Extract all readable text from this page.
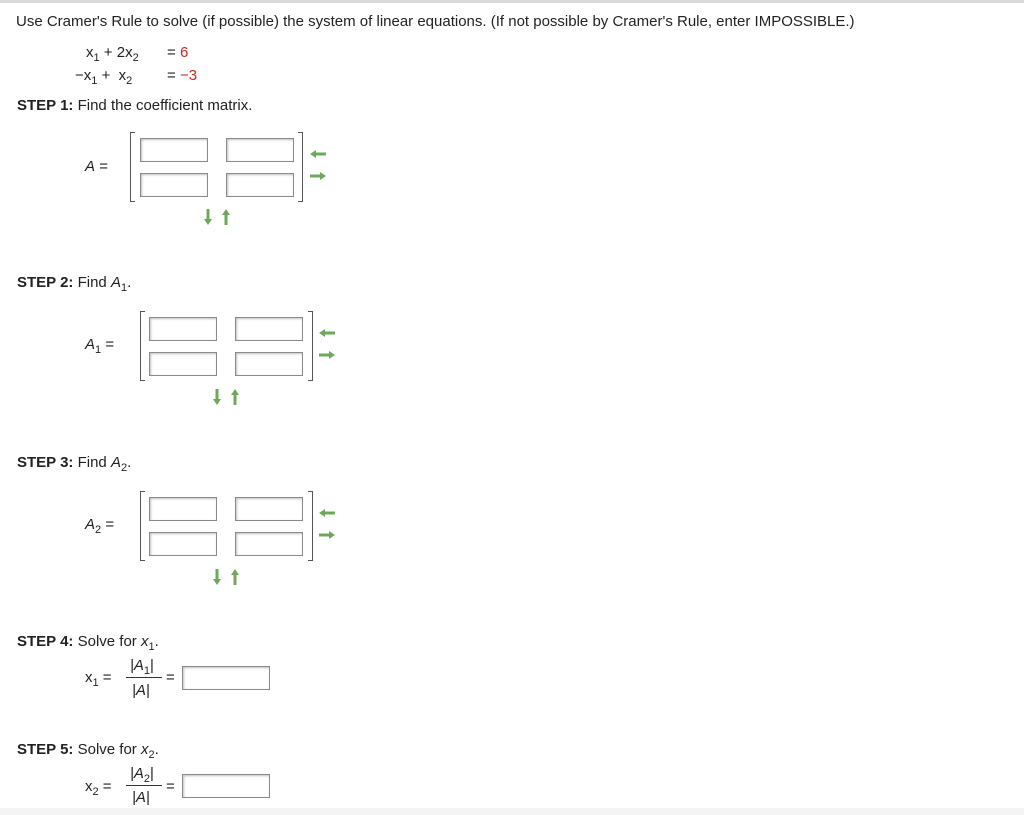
Use Cramer's Rule to solve (if possible) the system of linear equations. (If not possible by Cramer's Rule, enter IMPOSSIBLE.)
$x_1 + 2x_2 = 6$
$-x_1 + x_2 = -3$
STEP 1: Find the coefficient matrix.
A =
STEP 2: Find $A_1$.
$A_1$ =
STEP 3: Find $A_2$.
$A_2$ =
STEP 4: Solve for $x_1$.
$x_1$ =
$|A_1|$
|A|
=
STEP 5: Solve for $x_2$.
$x_2$ =
$|A_2|$
|A|
=
